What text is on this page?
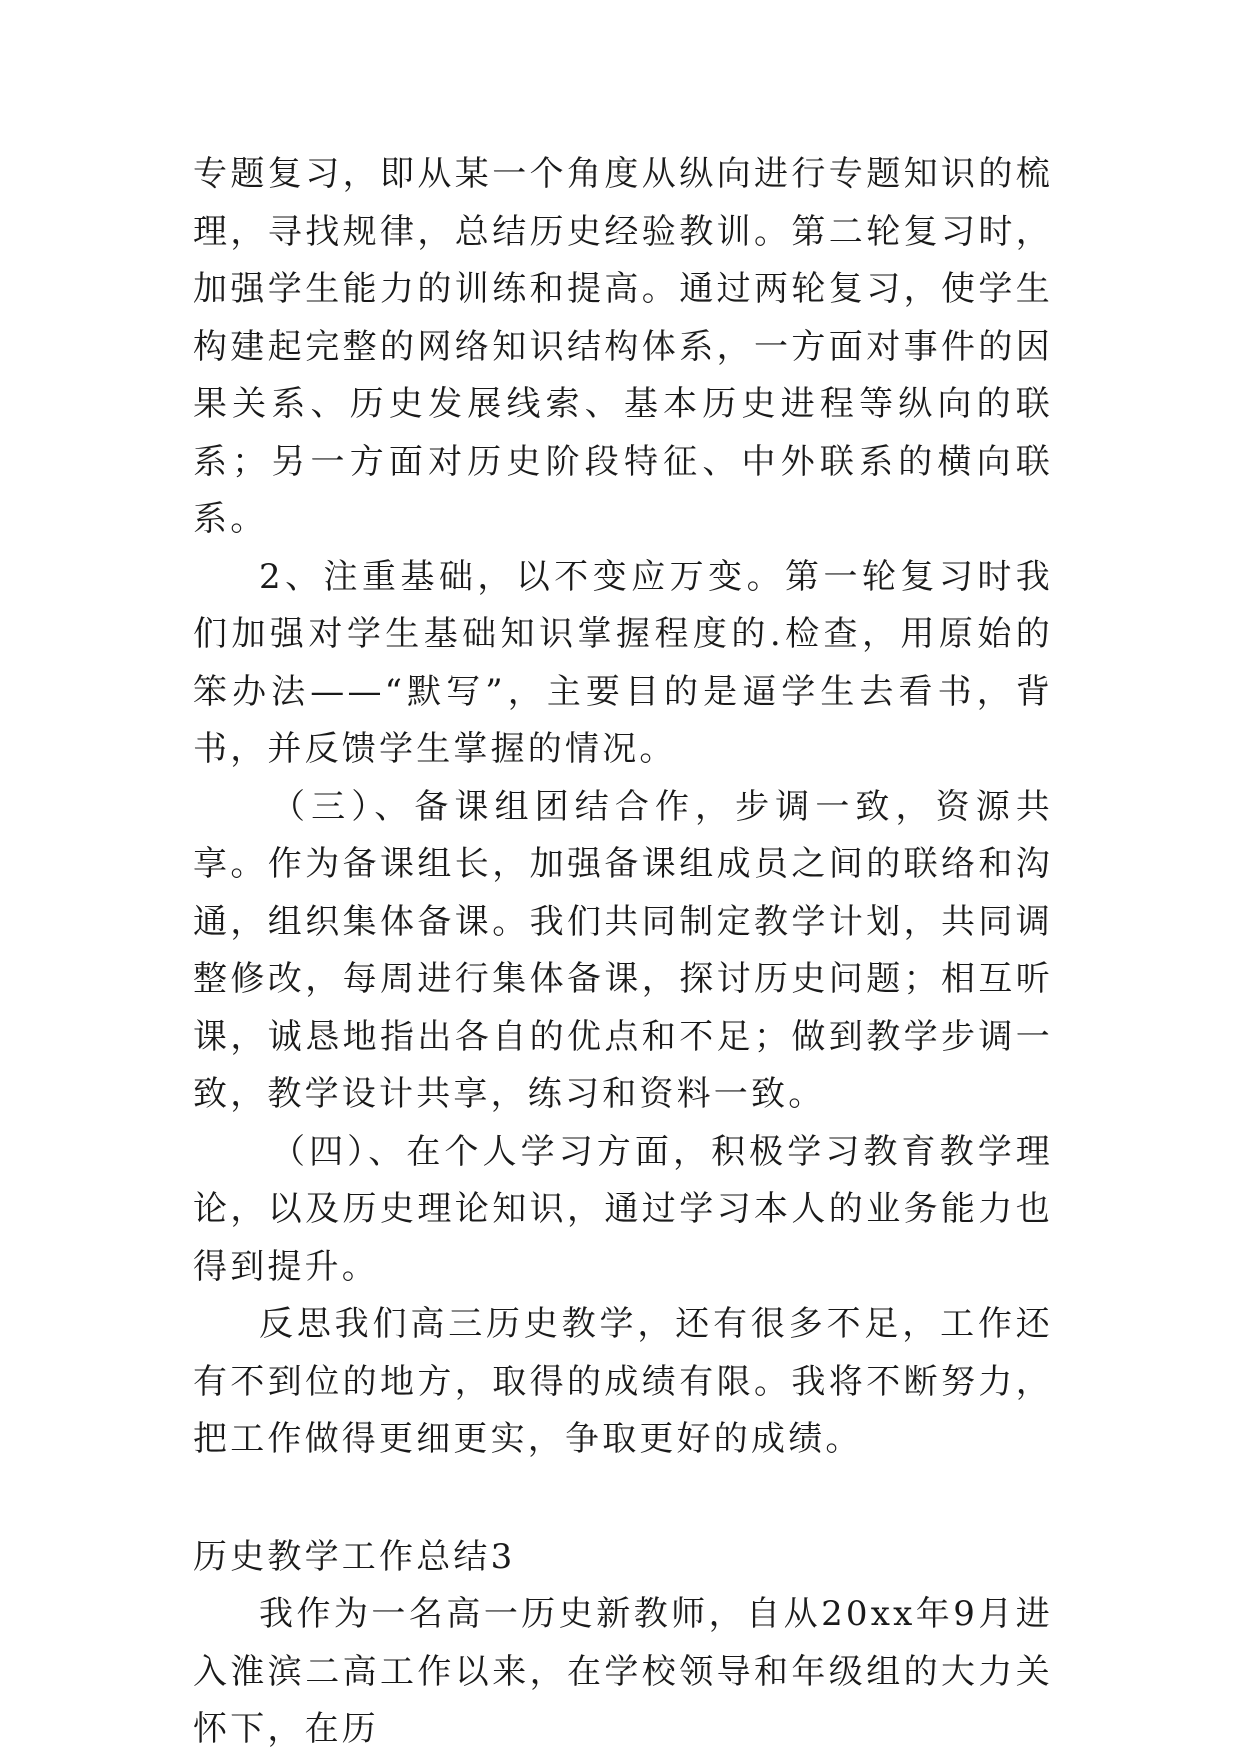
专题复习，即从某一个角度从纵向进行专题知识的梳理，寻找规律，总结历史经验教训。第二轮复习时，加强学生能力的训练和提高。通过两轮复习，使学生构建起完整的网络知识结构体系，一方面对事件的因果关系、历史发展线索、基本历史进程等纵向的联系；另一方面对历史阶段特征、中外联系的横向联系。

2、注重基础，以不变应万变。第一轮复习时我们加强对学生基础知识掌握程度的.检查，用原始的笨办法——“默写”，主要目的是逼学生去看书，背书，并反馈学生掌握的情况。

（三）、备课组团结合作，步调一致，资源共享。作为备课组长，加强备课组成员之间的联络和沟通，组织集体备课。我们共同制定教学计划，共同调整修改，每周进行集体备课，探讨历史问题；相互听课，诚恳地指出各自的优点和不足；做到教学步调一致，教学设计共享，练习和资料一致。

（四）、在个人学习方面，积极学习教育教学理论，以及历史理论知识，通过学习本人的业务能力也得到提升。

反思我们高三历史教学，还有很多不足，工作还有不到位的地方，取得的成绩有限。我将不断努力，把工作做得更细更实，争取更好的成绩。

历史教学工作总结3

我作为一名高一历史新教师，自从20xx年9月进入淮滨二高工作以来，在学校领导和年级组的大力关怀下，在历
